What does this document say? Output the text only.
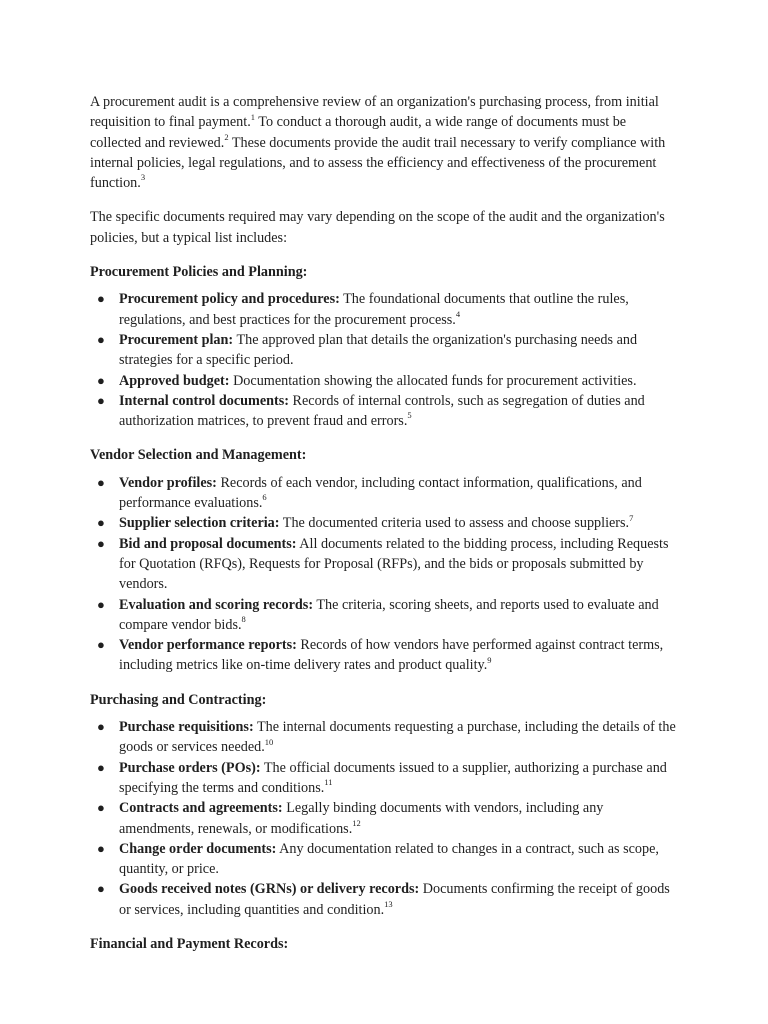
A procurement audit is a comprehensive review of an organization's purchasing process, from initial requisition to final payment.$^1$ To conduct a thorough audit, a wide range of documents must be collected and reviewed.$^2$ These documents provide the audit trail necessary to verify compliance with internal policies, legal regulations, and to assess the efficiency and effectiveness of the procurement function.$^3$

The specific documents required may vary depending on the scope of the audit and the organization's policies, but a typical list includes:

Procurement Policies and Planning:

● Procurement policy and procedures: The foundational documents that outline the rules, regulations, and best practices for the procurement process.$^4$
● Procurement plan: The approved plan that details the organization's purchasing needs and strategies for a specific period.
● Approved budget: Documentation showing the allocated funds for procurement activities.
● Internal control documents: Records of internal controls, such as segregation of duties and authorization matrices, to prevent fraud and errors.$^5$

Vendor Selection and Management:

● Vendor profiles: Records of each vendor, including contact information, qualifications, and performance evaluations.$^6$
● Supplier selection criteria: The documented criteria used to assess and choose suppliers.$^7$
● Bid and proposal documents: All documents related to the bidding process, including Requests for Quotation (RFQs), Requests for Proposal (RFPs), and the bids or proposals submitted by vendors.
● Evaluation and scoring records: The criteria, scoring sheets, and reports used to evaluate and compare vendor bids.$^8$
● Vendor performance reports: Records of how vendors have performed against contract terms, including metrics like on-time delivery rates and product quality.$^9$

Purchasing and Contracting:

● Purchase requisitions: The internal documents requesting a purchase, including the details of the goods or services needed.$^{10}$
● Purchase orders (POs): The official documents issued to a supplier, authorizing a purchase and specifying the terms and conditions.$^{11}$
● Contracts and agreements: Legally binding documents with vendors, including any amendments, renewals, or modifications.$^{12}$
● Change order documents: Any documentation related to changes in a contract, such as scope, quantity, or price.
● Goods received notes (GRNs) or delivery records: Documents confirming the receipt of goods or services, including quantities and condition.$^{13}$

Financial and Payment Records:
